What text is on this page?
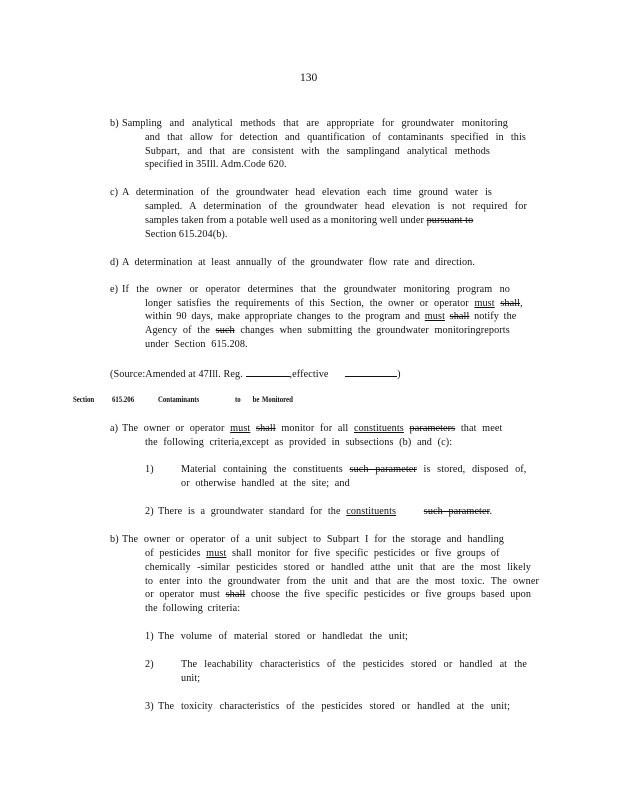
130
b) Sampling and analytical methods that are appropriate for groundwater monitoring
and that allow for detection and quantification of contaminants specified in this
Subpart, and that are consistent with the samplingand analytical methods
specified in 35Ill. Adm.Code 620.
c) A determination of the groundwater head elevation each time ground water is
sampled. A determination of the groundwater head elevation is not required for
samples taken from a potable well used as a monitoring well under pursuant to
Section 615.204(b).
d) A determination at least annually of the groundwater flow rate and direction.
e) If the owner or operator determines that the groundwater monitoring program no
longer satisfies the requirements of this Section, the owner or operator must shall,
within 90 days, make appropriate changes to the program and must shall notify the
Agency of the such changes when submitting the groundwater monitoringreports
under Section 615.208.
(Source:Amended at 47Ill. Reg.	,effective	)
Section 615.206	Contaminants	to be Monitored
a) The owner or operator must shall monitor for all constituents parameters that meet
the following criteria,except as provided in subsections (b) and (c):
1)	Material containing the constituents such parameter is stored, disposed of,
or otherwise handled at the site; and
2) There is a groundwater standard for the constituents	such parameter.
b) The owner or operator of a unit subject to Subpart I for the storage and handling
of pesticides must shall monitor for five specific pesticides or five groups of
chemically -similar pesticides stored or handled atthe unit that are the most likely
to enter into the groundwater from the unit and that are the most toxic. The owner
or operator must shall choose the five specific pesticides or five groups based upon
the following criteria:
1) The volume of material stored or handledat the unit;
2)	The leachability characteristics of the pesticides stored or handled at the
unit;
3) The toxicity characteristics of the pesticides stored or handled at the unit;
